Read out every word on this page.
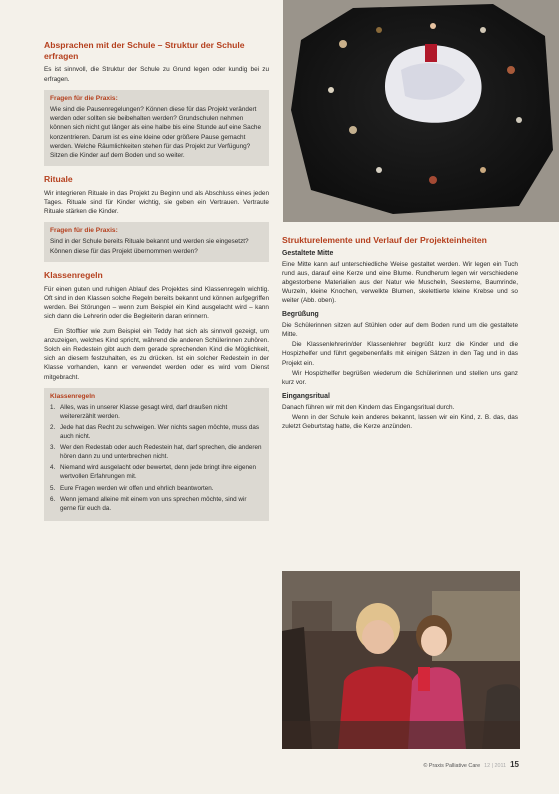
Absprachen mit der Schule – Struktur der Schule erfragen

Es ist sinnvoll, die Struktur der Schule zu Grund legen oder kundig bei zu erfragen.

Fragen für die Praxis:

Wie sind die Pausenregelungen? Können diese für das Projekt verändert werden oder sollten sie beibehalten werden? Grundschulen nehmen können sich nicht gut länger als eine halbe bis eine Stunde auf eine Sache konzentrieren. Darum ist es eine kleine oder größere Pause gemacht werden. Welche Räumlichkeiten stehen für das Projekt zur Verfügung? Sitzen die Kinder auf dem Boden und so weiter.

Rituale

Wir integrieren Rituale in das Projekt zu Beginn und als Abschluss eines jeden Tages. Rituale sind für Kinder wichtig, sie geben ein Vertrauen. Vertraute Rituale stärken die Kinder.

Fragen für die Praxis:

Sind in der Schule bereits Rituale bekannt und werden sie eingesetzt? Können diese für das Projekt übernommen werden?

Klassenregeln

Für einen guten und ruhigen Ablauf des Projektes sind Klassenregeln wichtig. Oft sind in den Klassen solche Regeln bereits bekannt und können aufgegriffen werden. Bei Störungen – wenn zum Beispiel ein Kind ausgelacht wird – kann sich dann die Lehrerin oder die Begleiterin daran erinnern.

Ein Stofftier wie zum Beispiel ein Teddy hat sich als sinnvoll gezeigt, um anzuzeigen, welches Kind spricht, während die anderen Schülerinnen zuhören. Solch ein Redestein gibt auch dem gerade sprechenden Kind die Möglichkeit, sich an diesem festzuhalten, es zu drücken. Ist ein solcher Redestein in der Klasse vorhanden, kann er verwendet werden oder es wird vom Dienst mitgebracht.

Klassenregeln
1. Alles, was in unserer Klasse gesagt wird, darf draußen nicht weitererzählt werden.
2. Jede hat das Recht zu schweigen. Wer nichts sagen möchte, muss das auch nicht.
3. Wer den Redestab oder auch Redestein hat, darf sprechen, die anderen hören dann zu und unterbrechen nicht.
4. Niemand wird ausgelacht oder bewertet, denn jede bringt ihre eigenen wertvollen Erfahrungen mit.
5. Eure Fragen werden wir offen und ehrlich beantworten.
6. Wenn jemand alleine mit einem von uns sprechen möchte, sind wir gerne für euch da.
Strukturelemente und Verlauf der Projekteinheiten
Gestaltete Mitte

Eine Mitte kann auf unterschiedliche Weise gestaltet werden. Wir legen ein Tuch rund aus, darauf eine Kerze und eine Blume. Rundherum legen wir verschiedene abgestorbene Materialien aus der Natur wie Muscheln, Seesterne, Baumrinde, Wurzeln, kleine Knochen, verwelkte Blumen, skelettierte kleine Krebse und so weiter (Abb. oben).

Begrüßung

Die Schülerinnen sitzen auf Stühlen oder auf dem Boden rund um die gestaltete Mitte.

Die Klassenlehrerin/der Klassenlehrer begrüßt kurz die Kinder und die Hospizhelfer und führt gegebenenfalls mit einigen Sätzen in den Tag und in das Projekt ein.

Wir Hospizhelfer begrüßen wiederum die Schülerinnen und stellen uns ganz kurz vor.

Eingangsritual

Danach führen wir mit den Kindern das Eingangsritual durch.

Wenn in der Schule kein anderes bekannt, lassen wir ein Kind, z. B. das, das zuletzt Geburtstag hatte, die Kerze anzünden.

© Praxis Palliative Care 12 | 2011 15
